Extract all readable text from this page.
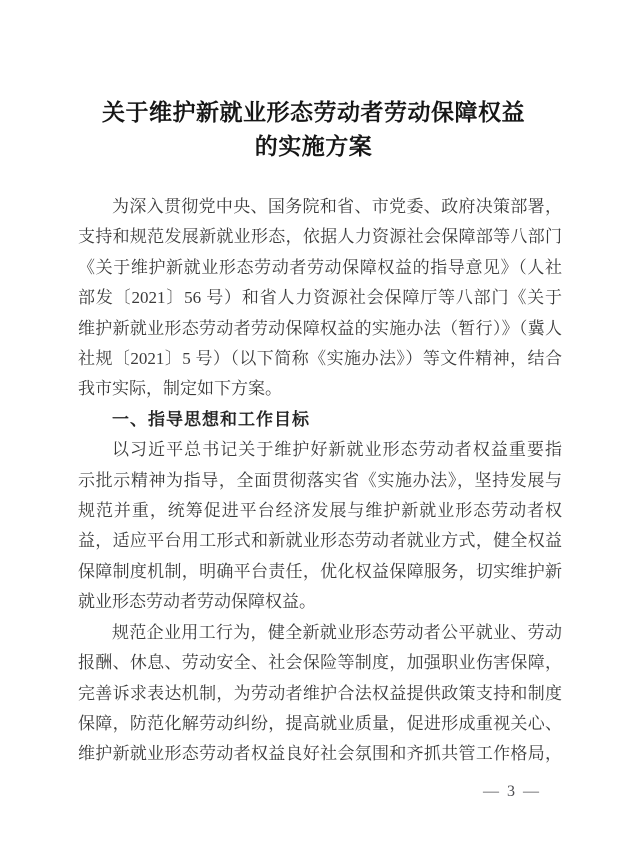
关于维护新就业形态劳动者劳动保障权益
的实施方案
为深入贯彻党中央、国务院和省、市党委、政府决策部署，
支持和规范发展新就业形态，依据人力资源社会保障部等八部门
《关于维护新就业形态劳动者劳动保障权益的指导意见》（人社
部发〔2021〕56 号）和省人力资源社会保障厅等八部门《关于
维护新就业形态劳动者劳动保障权益的实施办法（暂行）》（冀人
社规〔2021〕5 号）（以下简称《实施办法》）等文件精神，结合
我市实际，制定如下方案。
一、指导思想和工作目标
以习近平总书记关于维护好新就业形态劳动者权益重要指
示批示精神为指导，全面贯彻落实省《实施办法》，坚持发展与
规范并重，统筹促进平台经济发展与维护新就业形态劳动者权
益，适应平台用工形式和新就业形态劳动者就业方式，健全权益
保障制度机制，明确平台责任，优化权益保障服务，切实维护新
就业形态劳动者劳动保障权益。
规范企业用工行为，健全新就业形态劳动者公平就业、劳动
报酬、休息、劳动安全、社会保险等制度，加强职业伤害保障，
完善诉求表达机制，为劳动者维护合法权益提供政策支持和制度
保障，防范化解劳动纠纷，提高就业质量，促进形成重视关心、
维护新就业形态劳动者权益良好社会氛围和齐抓共管工作格局，
— 3 —
